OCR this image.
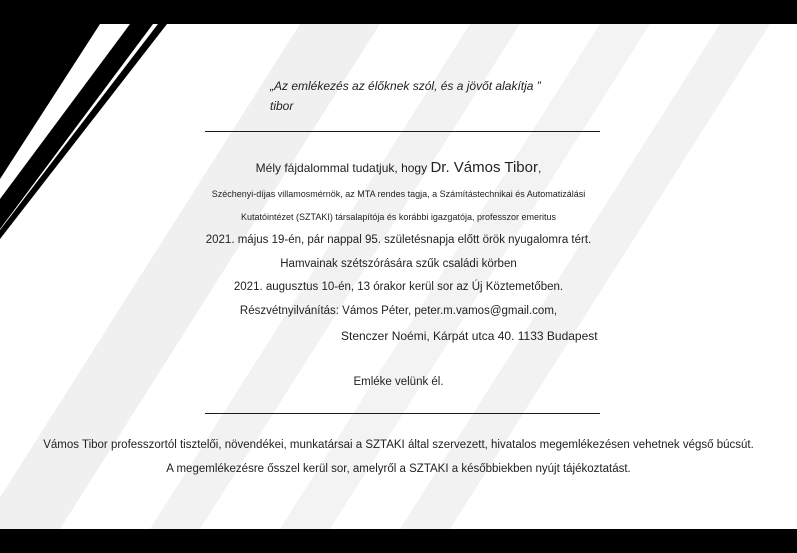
„Az emlékezés az élőknek szól, és a jövőt alakítja ”
tibor
Mély fájdalommal tudatjuk, hogy Dr. Vámos Tibor,
Széchenyi-díjas villamosmérnök, az MTA rendes tagja, a Számítástechnikai és Automatizálási
Kutatóintézet (SZTAKI) társalapítója és korábbi igazgatója, professzor emeritus
2021. május 19-én, pár nappal 95. születésnapja előtt örök nyugalomra tért.
Hamvainak szétszórására szűk családi körben
2021. augusztus 10-én, 13 órakor kerül sor az Új Köztemetőben.
Részvétnyilvánítás: Vámos Péter, peter.m.vamos@gmail.com,
Stenczer Noémi, Kárpát utca 40. 1133 Budapest
Emléke velünk él.
Vámos Tibor professzortól tisztelői, növendékei, munkatársai a SZTAKI által szervezett, hivatalos megemlékezésen vehetnek végső búcsút.
A megemlékezésre ősszel kerül sor, amelyről a SZTAKI a későbbiekben nyújt tájékoztatást.
